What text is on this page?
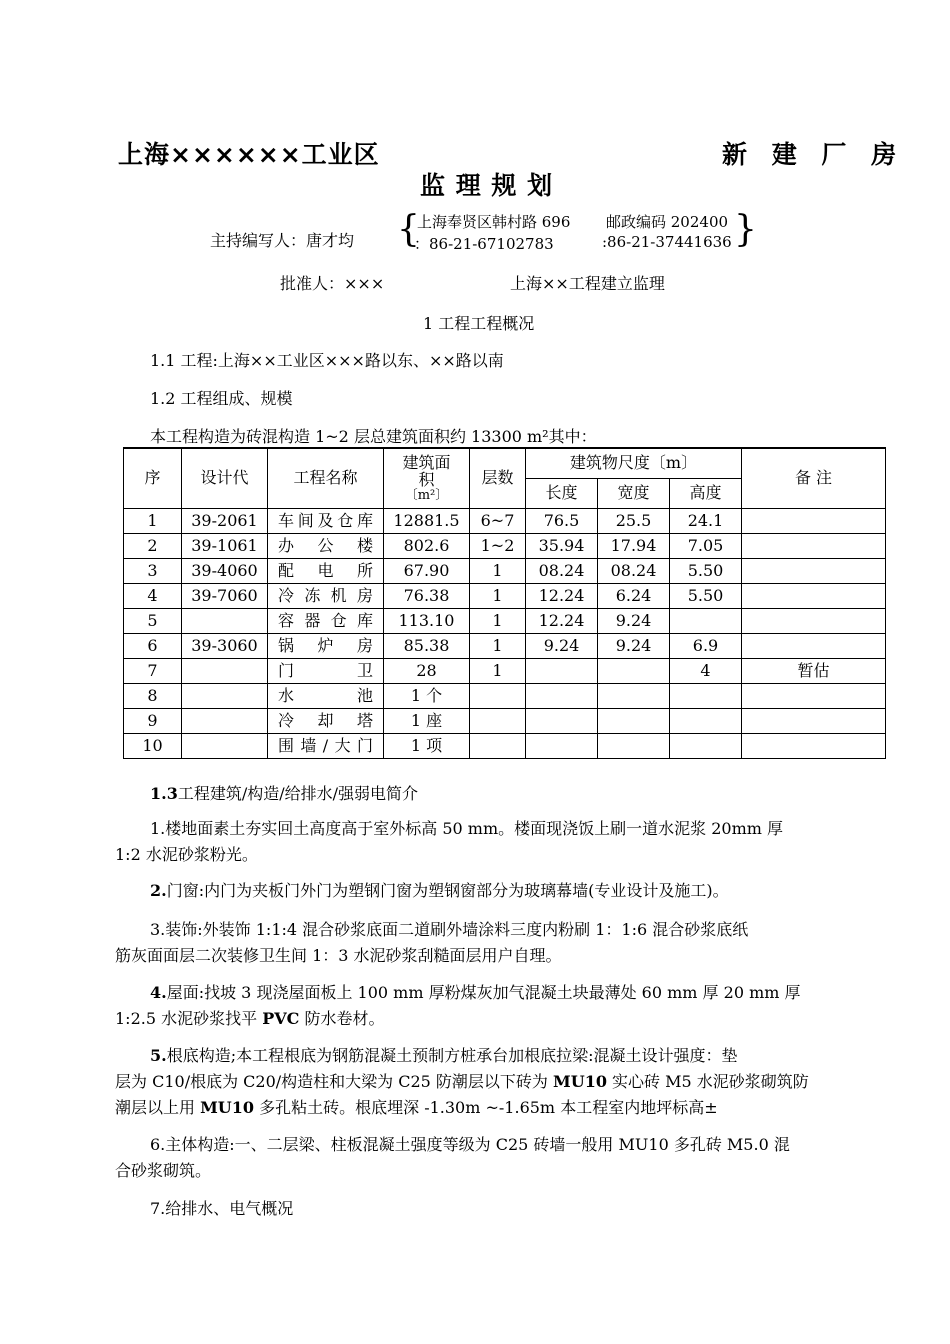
上海××××××工业区	新 建 厂 房
监 理 规 划
主持编写人：唐才均 {
上海奉贤区韩村路 696 邮政编码 202400
：86-21-67102783	:86-21-37441636 }
批准人：×××	上海××工程建立监理
1 工程工程概况
1.1 工程:上海××工业区×××路以东、××路以南
1.2 工程组成、规模
本工程构造为砖混构造 1~2 层总建筑面积约 13300 m²其中：
序	设计代	工程名称	建筑面
积
〔m²〕	层数	建筑物尺度〔m〕			备 注
					长度	宽度	高度	
1	39-2061	车间及仓库	12881.5	6~7	76.5	25.5	24.1	
2	39-1061	办公楼	802.6	1~2	35.94	17.94	7.05	
3	39-4060	配电所	67.90	1	08.24	08.24	5.50	
4	39-7060	冷冻机房	76.38	1	12.24	6.24	5.50	
5		容器仓库	113.10	1	12.24	9.24		
6	39-3060	锅炉房	85.38	1	9.24	9.24	6.9	
7		门卫	28	1			4	暂估
8		水池	1 个					
9		冷却塔	1 座					
10		围墙/大门	1 项					
1.3工程建筑/构造/给排水/强弱电简介
1.楼地面素土夯实回土高度高于室外标高 50 mm。楼面现浇饭上刷一道水泥浆 20mm 厚
1:2 水泥砂浆粉光。
2.门窗:内门为夹板门外门为塑钢门窗为塑钢窗部分为玻璃幕墙(专业设计及施工)。
3.装饰:外装饰 1:1:4 混合砂浆底面二道刷外墙涂料三度内粉刷 1：1:6 混合砂浆底纸
筋灰面面层二次装修卫生间 1：3 水泥砂浆刮糙面层用户自理。
4.屋面:找坡 3 现浇屋面板上 100 mm 厚粉煤灰加气混凝土块最薄处 60 mm 厚 20 mm 厚
1:2.5 水泥砂浆找平 PVC 防水卷材。
5.根底构造;本工程根底为钢筋混凝土预制方桩承台加根底拉梁:混凝土设计强度：垫
层为 C10/根底为 C20/构造柱和大梁为 C25 防潮层以下砖为 MU10 实心砖 M5 水泥砂浆砌筑防
潮层以上用 MU10 多孔粘土砖。根底埋深 -1.30m ~-1.65m 本工程室内地坪标高±
6.主体构造:一、二层梁、柱板混凝土强度等级为 C25 砖墙一般用 MU10 多孔砖 M5.0 混
合砂浆砌筑。
7.给排水、电气概况
